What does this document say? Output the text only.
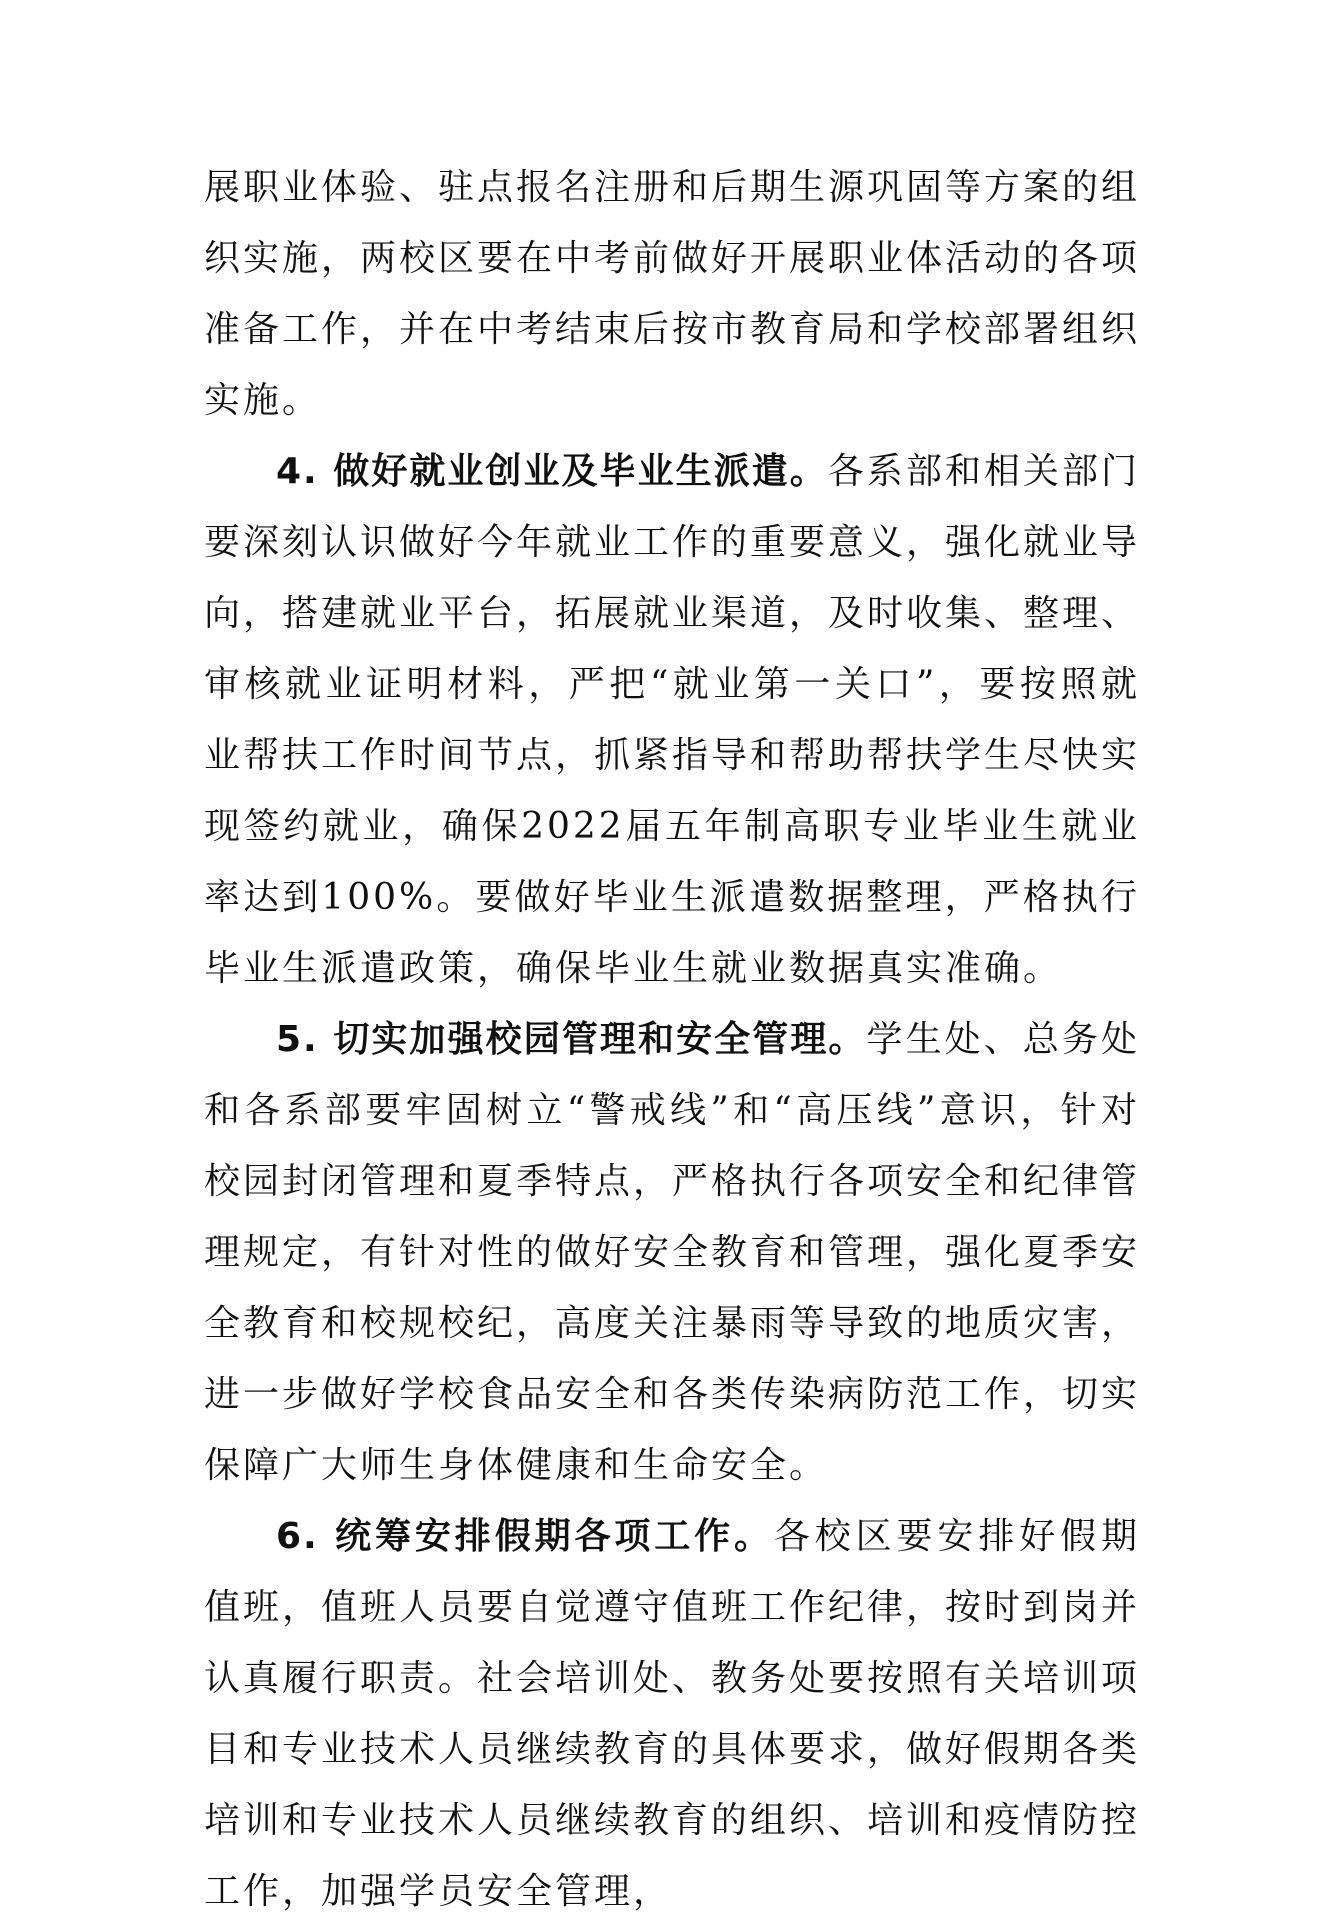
展职业体验、驻点报名注册和后期生源巩固等方案的组织实施，两校区要在中考前做好开展职业体活动的各项准备工作，并在中考结束后按市教育局和学校部署组织实施。

4. 做好就业创业及毕业生派遣。各系部和相关部门要深刻认识做好今年就业工作的重要意义，强化就业导向，搭建就业平台，拓展就业渠道，及时收集、整理、审核就业证明材料，严把“就业第一关口”，要按照就业帮扶工作时间节点，抓紧指导和帮助帮扶学生尽快实现签约就业，确保2022届五年制高职专业毕业生就业率达到100%。要做好毕业生派遣数据整理，严格执行毕业生派遣政策，确保毕业生就业数据真实准确。

5. 切实加强校园管理和安全管理。学生处、总务处和各系部要牢固树立“警戒线”和“高压线”意识，针对校园封闭管理和夏季特点，严格执行各项安全和纪律管理规定，有针对性的做好安全教育和管理，强化夏季安全教育和校规校纪，高度关注暴雨等导致的地质灾害，进一步做好学校食品安全和各类传染病防范工作，切实保障广大师生身体健康和生命安全。

6. 统筹安排假期各项工作。各校区要安排好假期值班，值班人员要自觉遵守值班工作纪律，按时到岗并认真履行职责。社会培训处、教务处要按照有关培训项目和专业技术人员继续教育的具体要求，做好假期各类培训和专业技术人员继续教育的组织、培训和疫情防控工作，加强学员安全管理，
